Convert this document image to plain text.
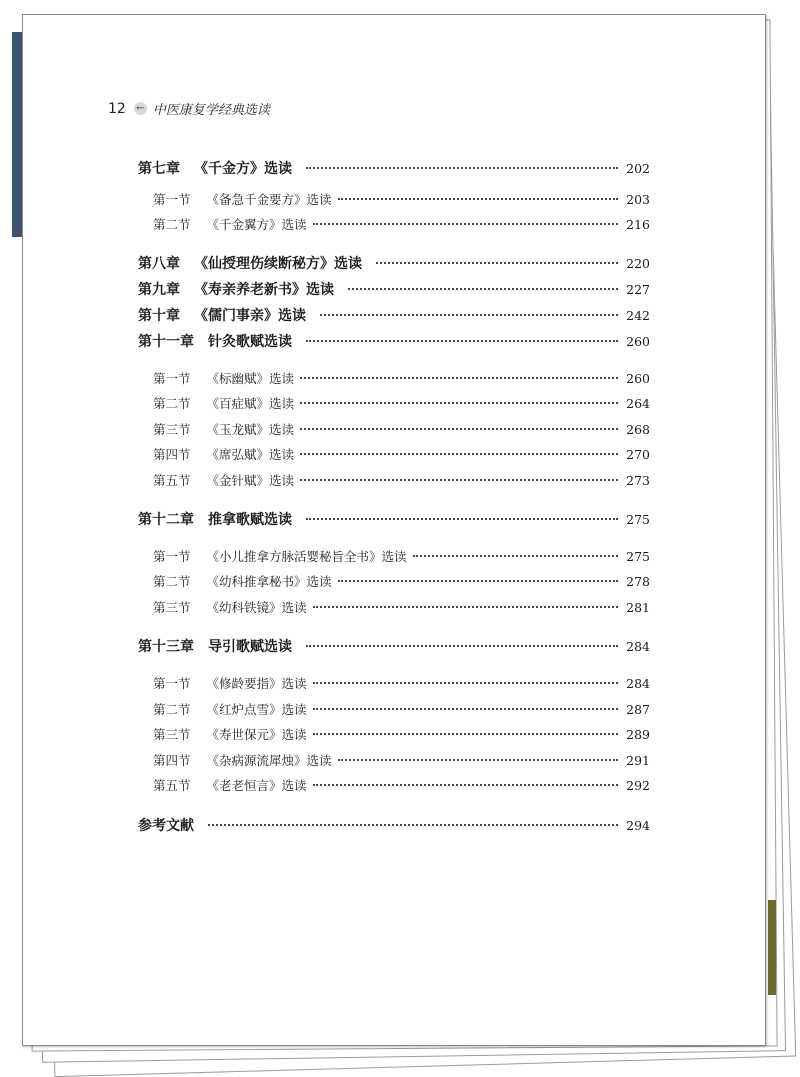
12 ← 中医康复学经典选读
第七章 《千金方》选读	202
第一节 《备急千金要方》选读	203
第二节 《千金翼方》选读	216
第八章 《仙授理伤续断秘方》选读	220
第九章 《寿亲养老新书》选读	227
第十章 《儒门事亲》选读	242
第十一章 针灸歌赋选读	260
第一节 《标幽赋》选读	260
第二节 《百症赋》选读	264
第三节 《玉龙赋》选读	268
第四节 《席弘赋》选读	270
第五节 《金针赋》选读	273
第十二章 推拿歌赋选读	275
第一节 《小儿推拿方脉活婴秘旨全书》选读	275
第二节 《幼科推拿秘书》选读	278
第三节 《幼科铁镜》选读	281
第十三章 导引歌赋选读	284
第一节 《修龄要指》选读	284
第二节 《红炉点雪》选读	287
第三节 《寿世保元》选读	289
第四节 《杂病源流犀烛》选读	291
第五节 《老老恒言》选读	292
参考文献	294
